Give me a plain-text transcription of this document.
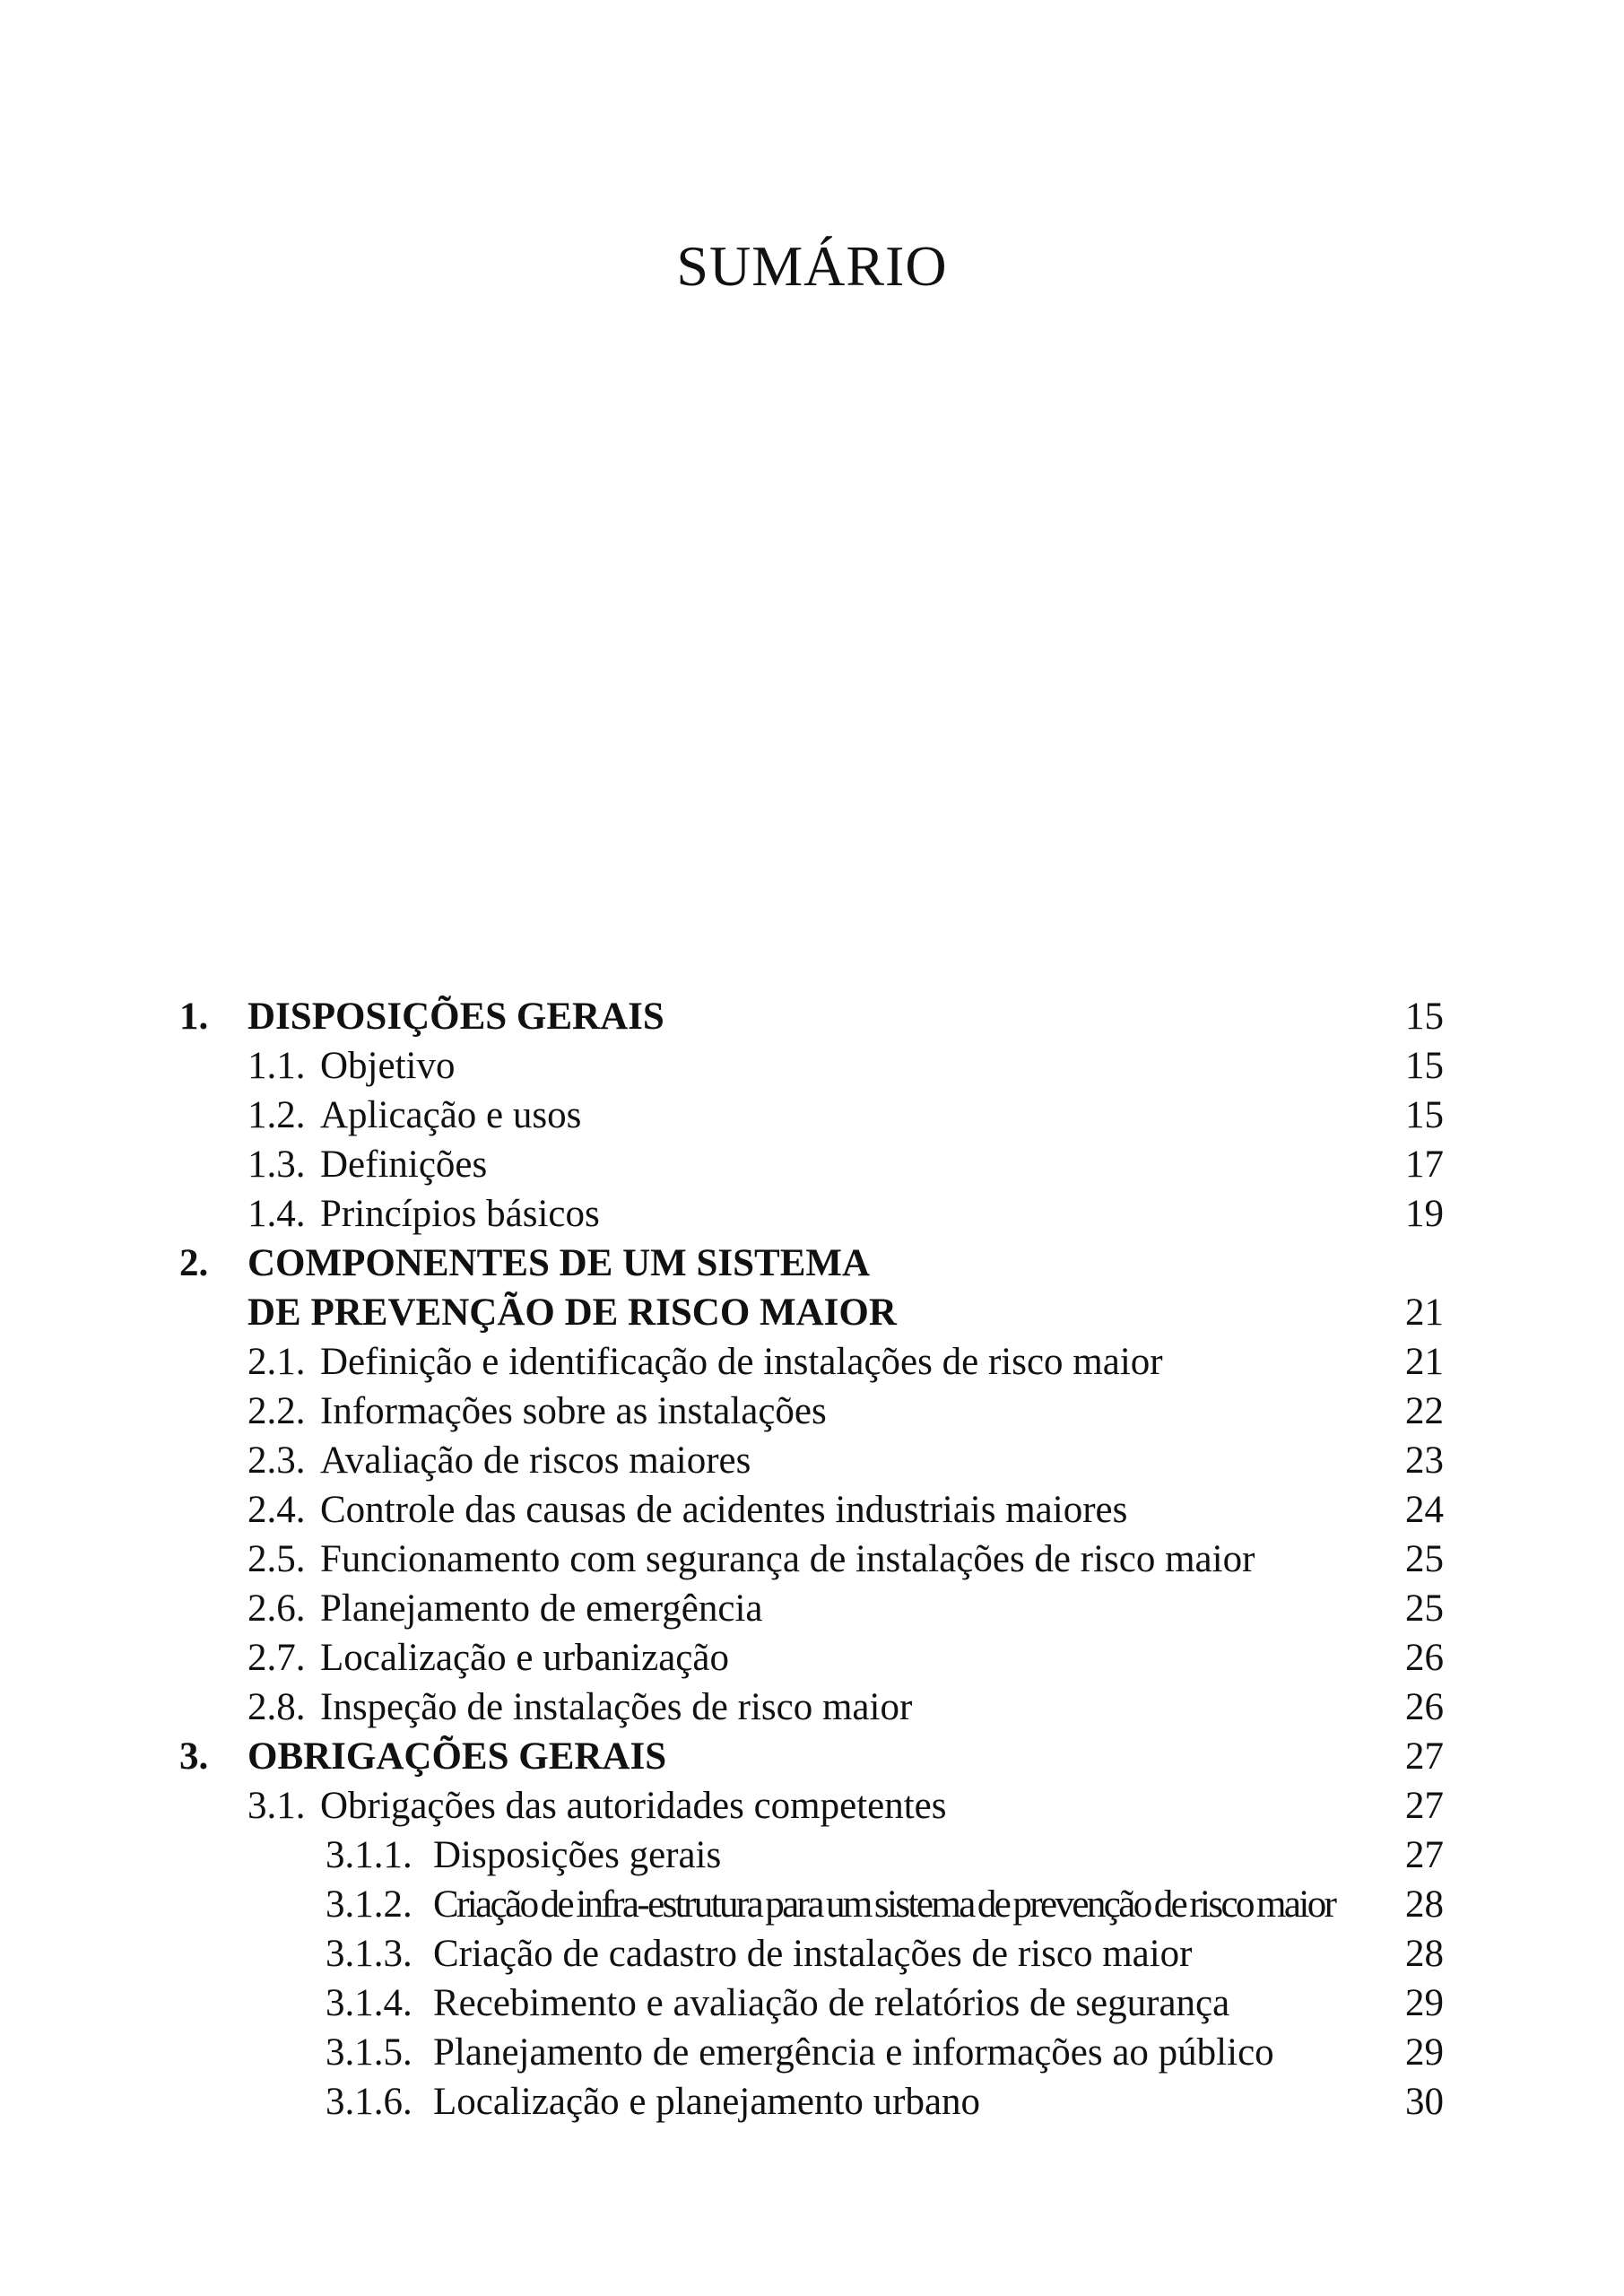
SUMÁRIO
1. DISPOSIÇÕES GERAIS	15
1.1. Objetivo	15
1.2. Aplicação e usos	15
1.3. Definições	17
1.4. Princípios básicos	19
2. COMPONENTES DE UM SISTEMA
DE PREVENÇÃO DE RISCO MAIOR	21
2.1. Definição e identificação de instalações de risco maior	21
2.2. Informações sobre as instalações	22
2.3. Avaliação de riscos maiores	23
2.4. Controle das causas de acidentes industriais maiores	24
2.5. Funcionamento com segurança de instalações de risco maior	25
2.6. Planejamento de emergência	25
2.7. Localização e urbanização	26
2.8. Inspeção de instalações de risco maior	26
3. OBRIGAÇÕES GERAIS	27
3.1. Obrigações das autoridades competentes	27
3.1.1. Disposições gerais	27
3.1.2. Criação de infra-estrutura para um sistema de prevenção de risco maior 28
3.1.3. Criação de cadastro de instalações de risco maior	28
3.1.4. Recebimento e avaliação de relatórios de segurança	29
3.1.5. Planejamento de emergência e informações ao público	29
3.1.6. Localização e planejamento urbano	30
